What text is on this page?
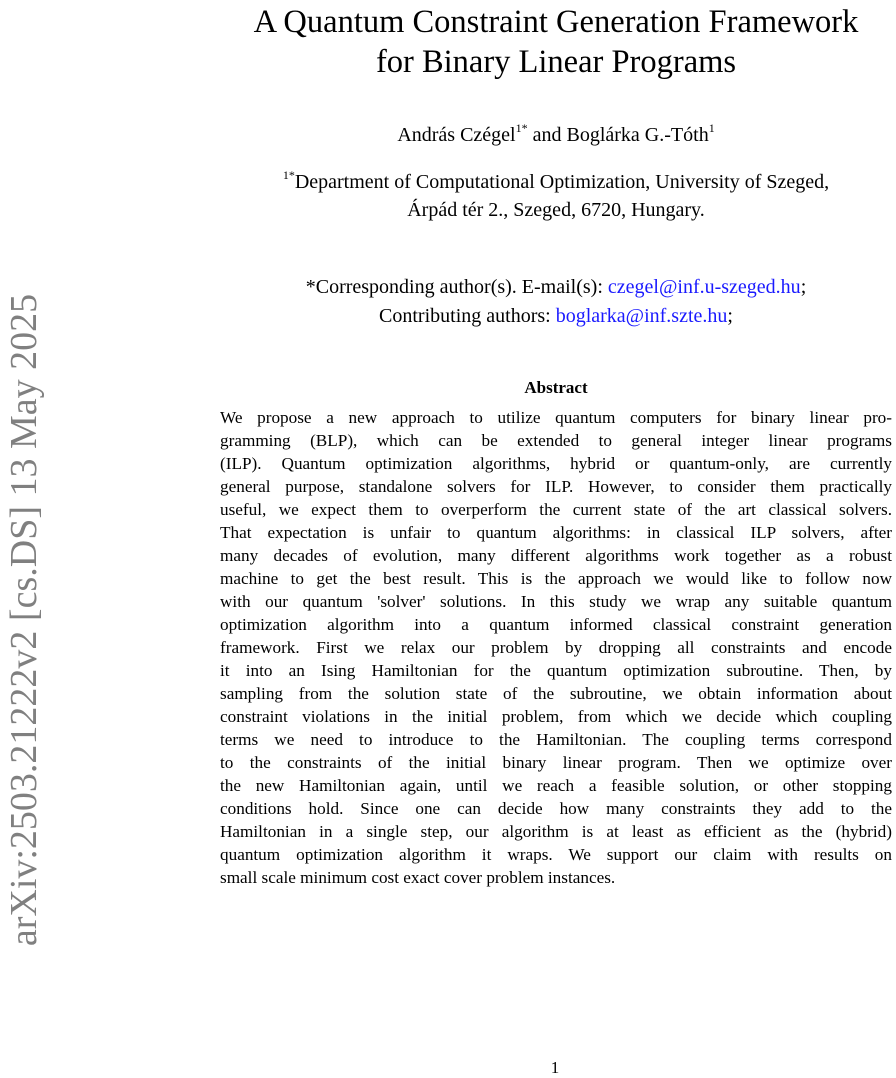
arXiv:2503.21222v2 [cs.DS] 13 May 2025
A Quantum Constraint Generation Framework
for Binary Linear Programs
András Czégel$^{1*}$ and Boglárka G.-Tóth$^1$
$^{1*}$Department of Computational Optimization, University of Szeged,
Árpád tér 2., Szeged, 6720, Hungary.
*Corresponding author(s). E-mail(s): czegel@inf.u-szeged.hu;
Contributing authors: boglarka@inf.szte.hu;
Abstract
We propose a new approach to utilize quantum computers for binary linear pro-
gramming (BLP), which can be extended to general integer linear programs
(ILP). Quantum optimization algorithms, hybrid or quantum-only, are currently
general purpose, standalone solvers for ILP. However, to consider them practically
useful, we expect them to overperform the current state of the art classical solvers.
That expectation is unfair to quantum algorithms: in classical ILP solvers, after
many decades of evolution, many different algorithms work together as a robust
machine to get the best result. This is the approach we would like to follow now
with our quantum 'solver' solutions. In this study we wrap any suitable quantum
optimization algorithm into a quantum informed classical constraint generation
framework. First we relax our problem by dropping all constraints and encode
it into an Ising Hamiltonian for the quantum optimization subroutine. Then, by
sampling from the solution state of the subroutine, we obtain information about
constraint violations in the initial problem, from which we decide which coupling
terms we need to introduce to the Hamiltonian. The coupling terms correspond
to the constraints of the initial binary linear program. Then we optimize over
the new Hamiltonian again, until we reach a feasible solution, or other stopping
conditions hold. Since one can decide how many constraints they add to the
Hamiltonian in a single step, our algorithm is at least as efficient as the (hybrid)
quantum optimization algorithm it wraps. We support our claim with results on
small scale minimum cost exact cover problem instances.
1
